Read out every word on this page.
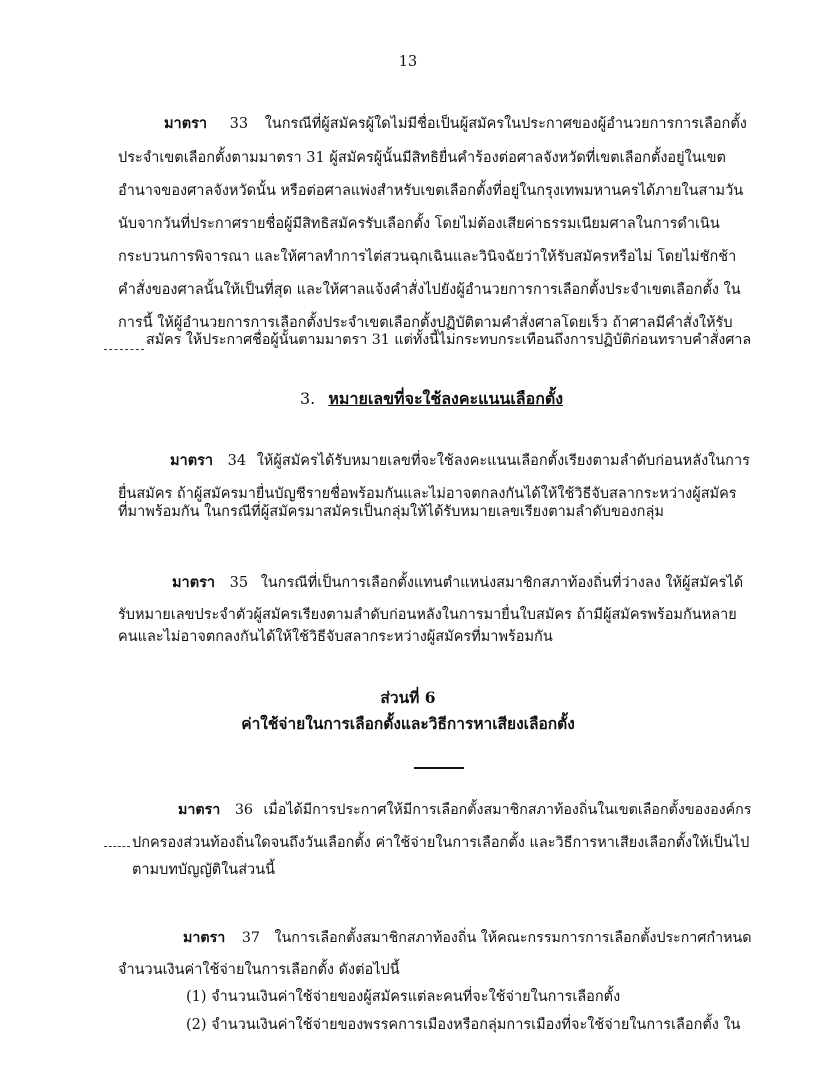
13
มาตรา 33 ในกรณีที่ผู้สมัครผู้ใดไม่มีชื่อเป็นผู้สมัครในประกาศของผู้อำนวยการการเลือกตั้ง
ประจำเขตเลือกตั้งตามมาตรา 31 ผู้สมัครผู้นั้นมีสิทธิยื่นคำร้องต่อศาลจังหวัดที่เขตเลือกตั้งอยู่ในเขต
อำนาจของศาลจังหวัดนั้น หรือต่อศาลแพ่งสำหรับเขตเลือกตั้งที่อยู่ในกรุงเทพมหานครได้ภายในสามวัน
นับจากวันที่ประกาศรายชื่อผู้มีสิทธิสมัครรับเลือกตั้ง โดยไม่ต้องเสียค่าธรรมเนียมศาลในการดำเนิน
กระบวนการพิจารณา และให้ศาลทำการไต่สวนฉุกเฉินและวินิจฉัยว่าให้รับสมัครหรือไม่ โดยไม่ชักช้า
คำสั่งของศาลนั้นให้เป็นที่สุด และให้ศาลแจ้งคำสั่งไปยังผู้อำนวยการการเลือกตั้งประจำเขตเลือกตั้ง ใน
การนี้ ให้ผู้อำนวยการการเลือกตั้งประจำเขตเลือกตั้งปฏิบัติตามคำสั่งศาลโดยเร็ว ถ้าศาลมีคำสั่งให้รับ
สมัคร ให้ประกาศชื่อผู้นั้นตามมาตรา 31 แต่ทั้งนี้ไม่กระทบกระเทือนถึงการปฏิบัติก่อนทราบคำสั่งศาล
3. หมายเลขที่จะใช้ลงคะแนนเลือกตั้ง
มาตรา 34 ให้ผู้สมัครได้รับหมายเลขที่จะใช้ลงคะแนนเลือกตั้งเรียงตามลำดับก่อนหลังในการ
ยื่นสมัคร ถ้าผู้สมัครมายื่นบัญชีรายชื่อพร้อมกันและไม่อาจตกลงกันได้ให้ใช้วิธีจับสลากระหว่างผู้สมัคร
ที่มาพร้อมกัน ในกรณีที่ผู้สมัครมาสมัครเป็นกลุ่มให้ได้รับหมายเลขเรียงตามลำดับของกลุ่ม
มาตรา 35 ในกรณีที่เป็นการเลือกตั้งแทนตำแหน่งสมาชิกสภาท้องถิ่นที่ว่างลง ให้ผู้สมัครได้
รับหมายเลขประจำตัวผู้สมัครเรียงตามลำดับก่อนหลังในการมายื่นใบสมัคร ถ้ามีผู้สมัครพร้อมกันหลาย
คนและไม่อาจตกลงกันได้ให้ใช้วิธีจับสลากระหว่างผู้สมัครที่มาพร้อมกัน
ส่วนที่ 6
ค่าใช้จ่ายในการเลือกตั้งและวิธีการหาเสียงเลือกตั้ง
มาตรา 36 เมื่อได้มีการประกาศให้มีการเลือกตั้งสมาชิกสภาท้องถิ่นในเขตเลือกตั้งขององค์กร
ปกครองส่วนท้องถิ่นใดจนถึงวันเลือกตั้ง ค่าใช้จ่ายในการเลือกตั้ง และวิธีการหาเสียงเลือกตั้งให้เป็นไป
ตามบทบัญญัติในส่วนนี้
มาตรา 37 ในการเลือกตั้งสมาชิกสภาท้องถิ่น ให้คณะกรรมการการเลือกตั้งประกาศกำหนด
จำนวนเงินค่าใช้จ่ายในการเลือกตั้ง ดังต่อไปนี้
(1) จำนวนเงินค่าใช้จ่ายของผู้สมัครแต่ละคนที่จะใช้จ่ายในการเลือกตั้ง
(2) จำนวนเงินค่าใช้จ่ายของพรรคการเมืองหรือกลุ่มการเมืองที่จะใช้จ่ายในการเลือกตั้ง ใน
